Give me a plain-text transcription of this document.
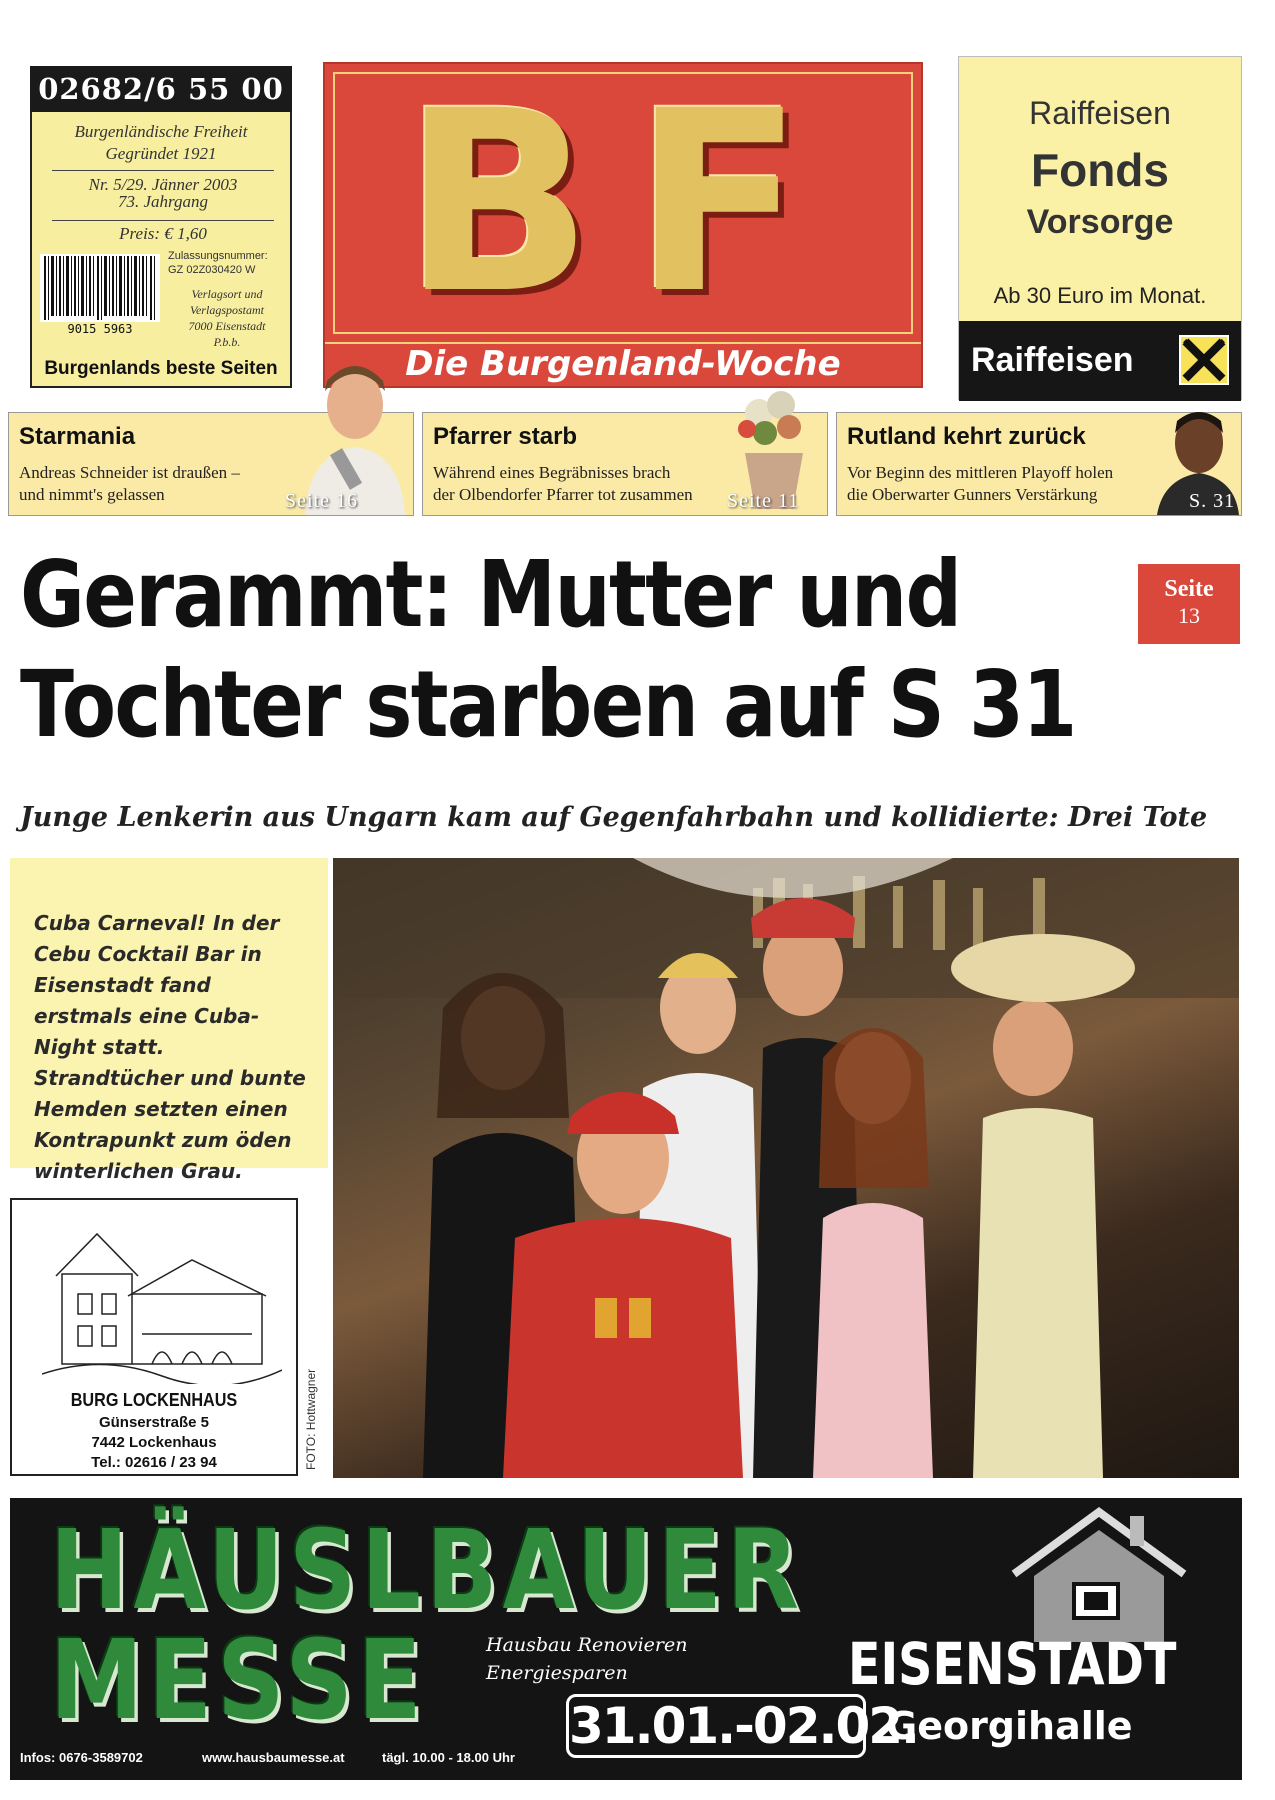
02682/6 55 00
Burgenländische Freiheit
Gegründet 1921
Nr. 5/29. Jänner 2003
73. Jahrgang
Preis: € 1,60
9015 5963
Zulassungsnummer:
GZ 02Z030420 W
Verlagsort und
Verlagspostamt
7000 Eisenstadt
P.b.b.
Burgenlands beste Seiten
BF
Die Burgenland-Woche
Raiffeisen
Fonds
Vorsorge
Ab 30 Euro im Monat.
Raiffeisen
Starmania
Andreas Schneider ist draußen –
und nimmt's gelassen	Seite 16
Pfarrer starb
Während eines Begräbnisses brach
der Olbendorfer Pfarrer tot zusammen Seite 11
Rutland kehrt zurück
Vor Beginn des mittleren Playoff holen
die Oberwarter Gunners Verstärkung	S. 31
Gerammt: Mutter und
Tochter starben auf S 31
Seite
13
Junge Lenkerin aus Ungarn kam auf Gegenfahrbahn und kollidierte: Drei Tote
Cuba Carneval! In der Cebu Cocktail Bar in Eisenstadt fand erstmals eine Cuba-Night statt. Strandtücher und bunte Hemden setzten einen Kontrapunkt zum öden winterlichen Grau.
FOTO: Hottwagner
BURG LOCKENHAUS
Günserstraße 5
7442 Lockenhaus
Tel.: 02616 / 23 94
HÄUSLBAUER
MESSE	Hausbau Renovieren
Energiesparen	EISENSTADT
31.01.-02.02.
Georgihalle
Infos: 0676-3589702	www.hausbaumesse.at	tägl. 10.00 - 18.00 Uhr
